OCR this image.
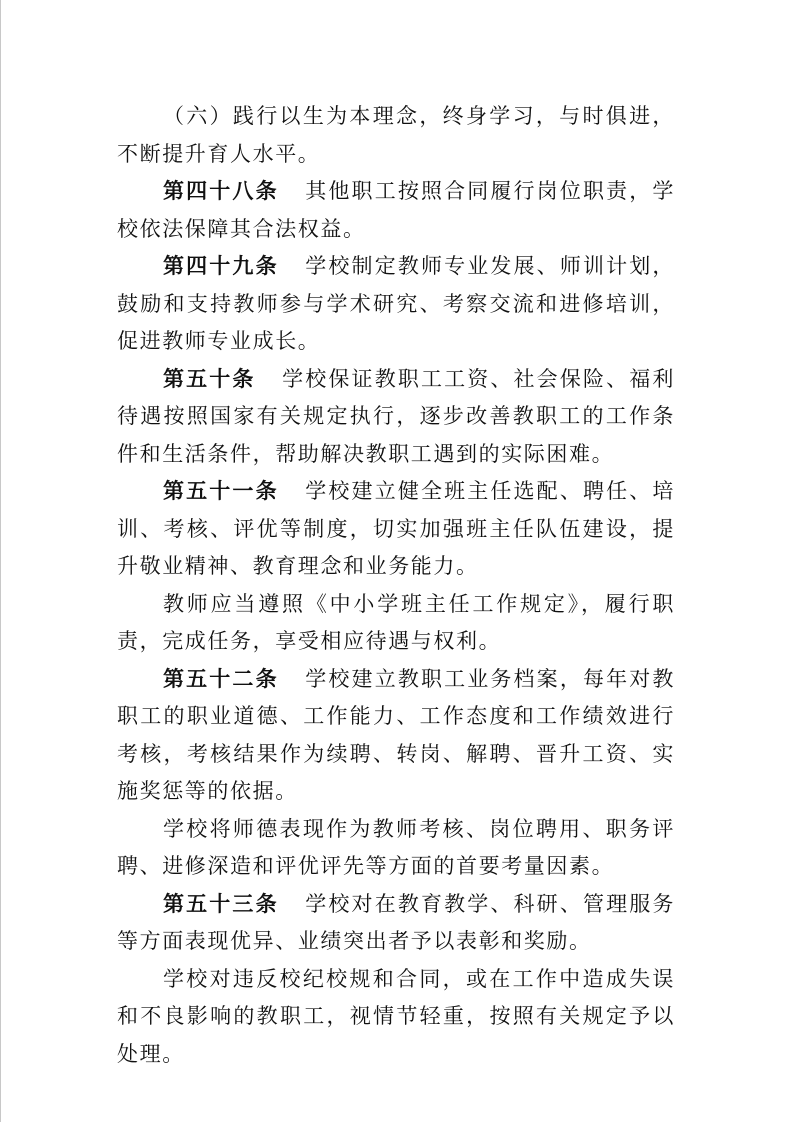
（六）践行以生为本理念，终身学习，与时俱进，不断提升育人水平。

第四十八条 其他职工按照合同履行岗位职责，学校依法保障其合法权益。

第四十九条 学校制定教师专业发展、师训计划，鼓励和支持教师参与学术研究、考察交流和进修培训，促进教师专业成长。

第五十条 学校保证教职工工资、社会保险、福利待遇按照国家有关规定执行，逐步改善教职工的工作条件和生活条件，帮助解决教职工遇到的实际困难。

第五十一条 学校建立健全班主任选配、聘任、培训、考核、评优等制度，切实加强班主任队伍建设，提升敬业精神、教育理念和业务能力。

教师应当遵照《中小学班主任工作规定》，履行职责，完成任务，享受相应待遇与权利。

第五十二条 学校建立教职工业务档案，每年对教职工的职业道德、工作能力、工作态度和工作绩效进行考核，考核结果作为续聘、转岗、解聘、晋升工资、实施奖惩等的依据。

学校将师德表现作为教师考核、岗位聘用、职务评聘、进修深造和评优评先等方面的首要考量因素。

第五十三条 学校对在教育教学、科研、管理服务等方面表现优异、业绩突出者予以表彰和奖励。

学校对违反校纪校规和合同，或在工作中造成失误和不良影响的教职工，视情节轻重，按照有关规定予以处理。
